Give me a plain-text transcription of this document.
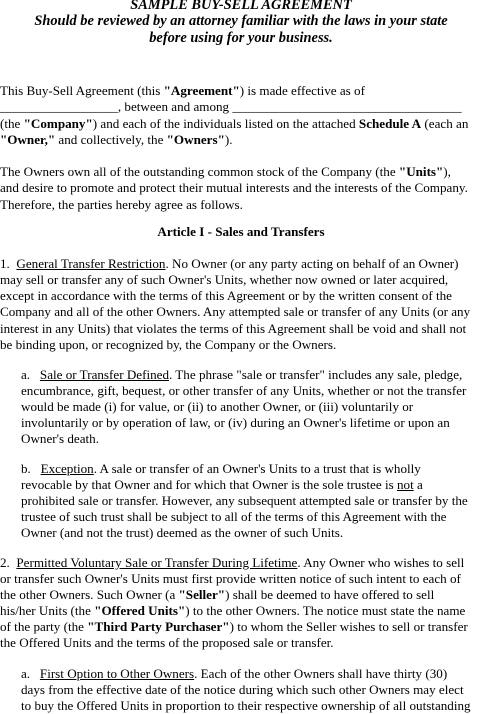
SAMPLE BUY-SELL AGREEMENT
Should be reviewed by an attorney familiar with the laws in your state
before using for your business.
This Buy-Sell Agreement (this "Agreement") is made effective as of
__________________, between and among ___________________________________
(the "Company") and each of the individuals listed on the attached Schedule A (each an
"Owner," and collectively, the "Owners").
The Owners own all of the outstanding common stock of the Company (the "Units"),
and desire to promote and protect their mutual interests and the interests of the Company.
Therefore, the parties hereby agree as follows.
Article I - Sales and Transfers
1.  General Transfer Restriction. No Owner (or any party acting on behalf of an Owner)
may sell or transfer any of such Owner's Units, whether now owned or later acquired,
except in accordance with the terms of this Agreement or by the written consent of the
Company and all of the other Owners. Any attempted sale or transfer of any Units (or any
interest in any Units) that violates the terms of this Agreement shall be void and shall not
be binding upon, or recognized by, the Company or the Owners.
a.   Sale or Transfer Defined. The phrase "sale or transfer" includes any sale, pledge,
encumbrance, gift, bequest, or other transfer of any Units, whether or not the transfer
would be made (i) for value, or (ii) to another Owner, or (iii) voluntarily or
involuntarily or by operation of law, or (iv) during an Owner's lifetime or upon an
Owner's death.
b.   Exception. A sale or transfer of an Owner's Units to a trust that is wholly
revocable by that Owner and for which that Owner is the sole trustee is not a
prohibited sale or transfer. However, any subsequent attempted sale or transfer by the
trustee of such trust shall be subject to all of the terms of this Agreement with the
Owner (and not the trust) deemed as the owner of such Units.
2.  Permitted Voluntary Sale or Transfer During Lifetime. Any Owner who wishes to sell
or transfer such Owner's Units must first provide written notice of such intent to each of
the other Owners. Such Owner (a "Seller") shall be deemed to have offered to sell
his/her Units (the "Offered Units") to the other Owners. The notice must state the name
of the party (the "Third Party Purchaser") to whom the Seller wishes to sell or transfer
the Offered Units and the terms of the proposed sale or transfer.
a.   First Option to Other Owners. Each of the other Owners shall have thirty (30)
days from the effective date of the notice during which such other Owners may elect
to buy the Offered Units in proportion to their respective ownership of all outstanding
